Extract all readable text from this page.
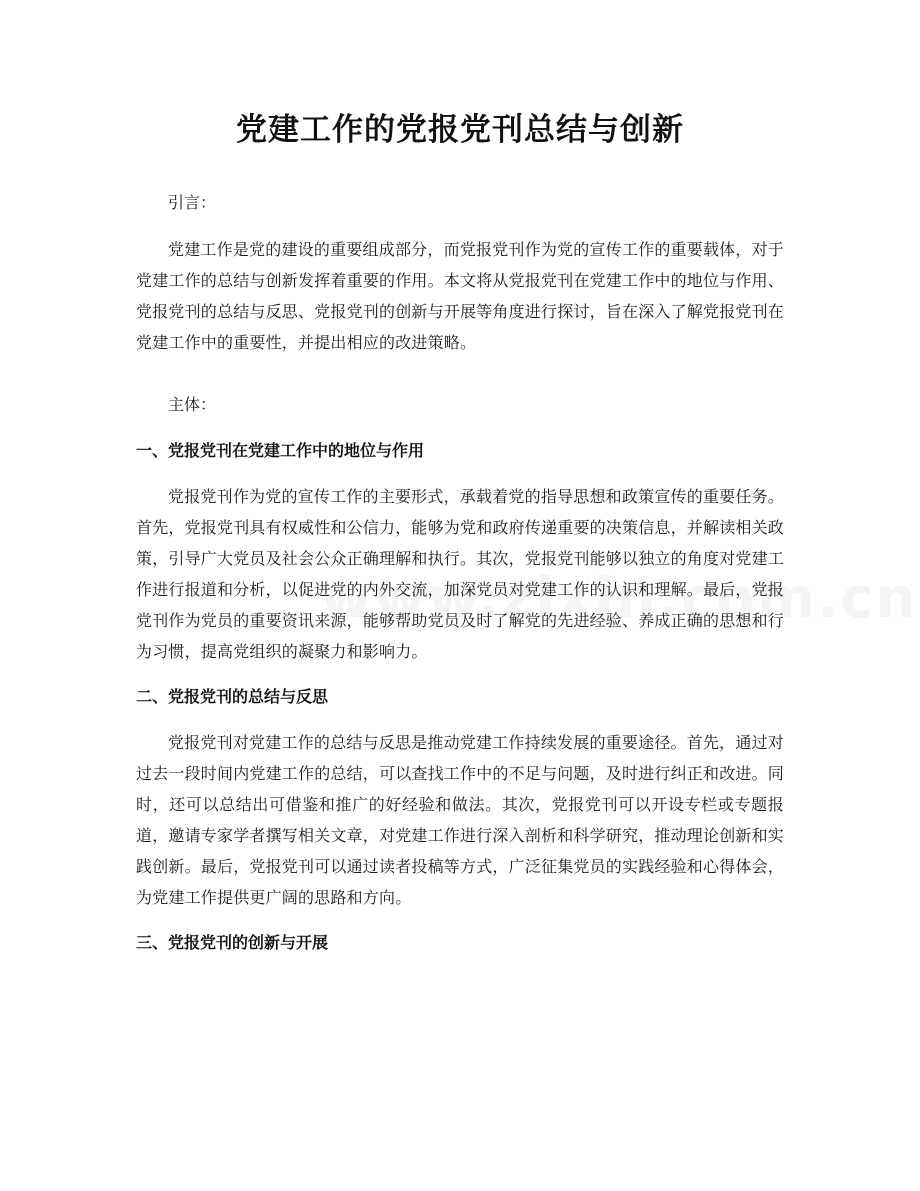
党建工作的党报党刊总结与创新

引言：

党建工作是党的建设的重要组成部分，而党报党刊作为党的宣传工作的重要载体，对于党建工作的总结与创新发挥着重要的作用。本文将从党报党刊在党建工作中的地位与作用、党报党刊的总结与反思、党报党刊的创新与开展等角度进行探讨，旨在深入了解党报党刊在党建工作中的重要性，并提出相应的改进策略。

主体：

一、党报党刊在党建工作中的地位与作用

党报党刊作为党的宣传工作的主要形式，承载着党的指导思想和政策宣传的重要任务。首先，党报党刊具有权威性和公信力，能够为党和政府传递重要的决策信息，并解读相关政策，引导广大党员及社会公众正确理解和执行。其次，党报党刊能够以独立的角度对党建工作进行报道和分析，以促进党的内外交流，加深党员对党建工作的认识和理解。最后，党报党刊作为党员的重要资讯来源，能够帮助党员及时了解党的先进经验、养成正确的思想和行为习惯，提高党组织的凝聚力和影响力。

二、党报党刊的总结与反思

党报党刊对党建工作的总结与反思是推动党建工作持续发展的重要途径。首先，通过对过去一段时间内党建工作的总结，可以查找工作中的不足与问题，及时进行纠正和改进。同时，还可以总结出可借鉴和推广的好经验和做法。其次，党报党刊可以开设专栏或专题报道，邀请专家学者撰写相关文章，对党建工作进行深入剖析和科学研究，推动理论创新和实践创新。最后，党报党刊可以通过读者投稿等方式，广泛征集党员的实践经验和心得体会，为党建工作提供更广阔的思路和方向。

三、党报党刊的创新与开展
